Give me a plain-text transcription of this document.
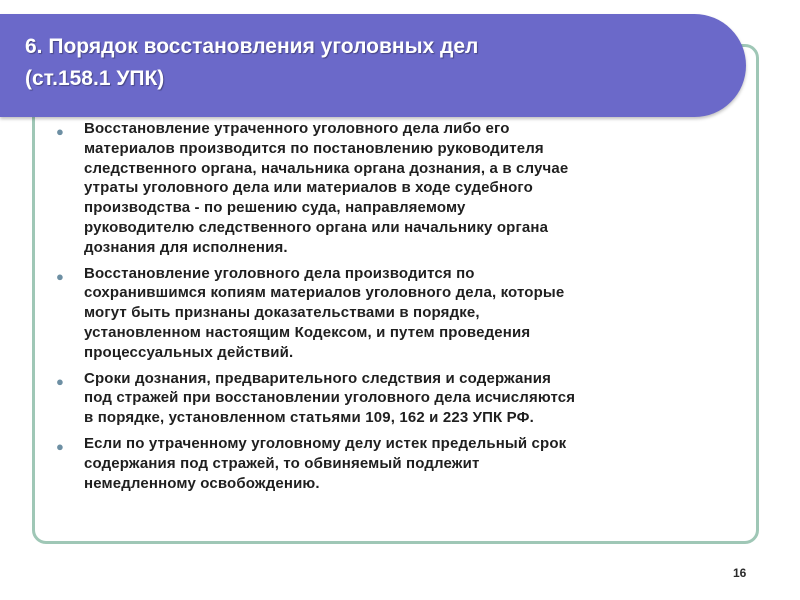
6. Порядок восстановления уголовных дел
(ст.158.1 УПК)
● Восстановление утраченного уголовного дела либо его
материалов производится по постановлению руководителя
следственного органа, начальника органа дознания, а в случае
утраты уголовного дела или материалов в ходе судебного
производства - по решению суда, направляемому
руководителю следственного органа или начальнику органа
дознания для исполнения.
● Восстановление уголовного дела производится по
сохранившимся копиям материалов уголовного дела, которые
могут быть признаны доказательствами в порядке,
установленном настоящим Кодексом, и путем проведения
процессуальных действий.
● Сроки дознания, предварительного следствия и содержания
под стражей при восстановлении уголовного дела исчисляются
в порядке, установленном статьями 109, 162 и 223 УПК РФ.
● Если по утраченному уголовному делу истек предельный срок
содержания под стражей, то обвиняемый подлежит
немедленному освобождению.
16
